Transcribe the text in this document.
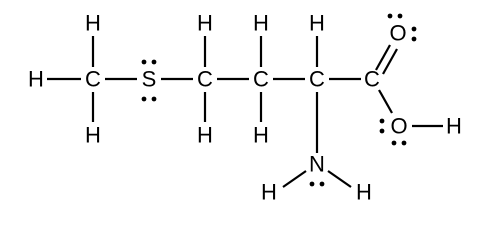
H
H
H
C S C
H
H
C
H
H
C
H
C
O
O H
N
H	H
